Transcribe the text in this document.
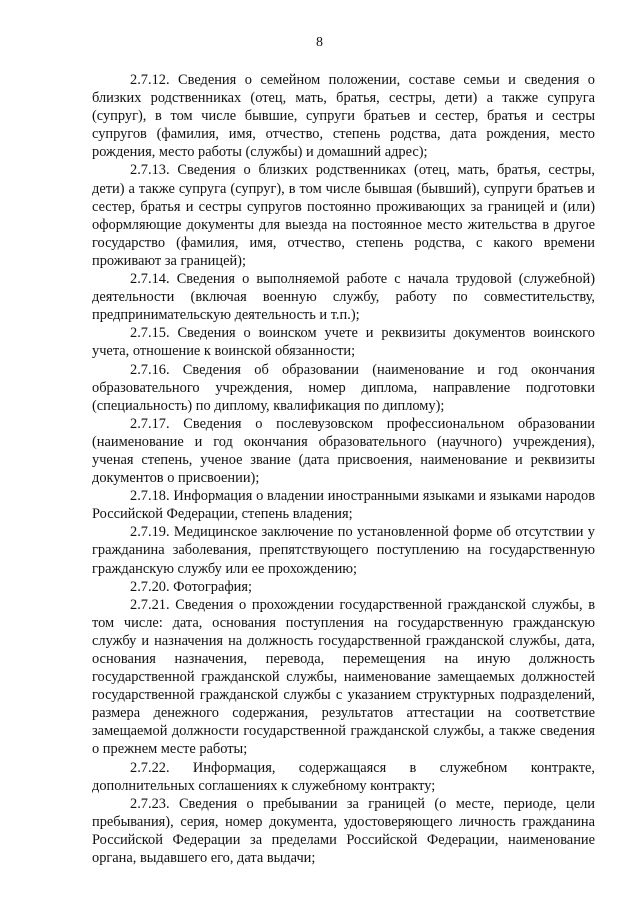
8

2.7.12. Сведения о семейном положении, составе семьи и сведения о близких родственниках (отец, мать, братья, сестры, дети) а также супруга (супруг), в том числе бывшие, супруги братьев и сестер, братья и сестры супругов (фамилия, имя, отчество, степень родства, дата рождения, место рождения, место работы (службы) и домашний адрес);

2.7.13. Сведения о близких родственниках (отец, мать, братья, сестры, дети) а также супруга (супруг), в том числе бывшая (бывший), супруги братьев и сестер, братья и сестры супругов постоянно проживающих за границей и (или) оформляющие документы для выезда на постоянное место жительства в другое государство (фамилия, имя, отчество, степень родства, с какого времени проживают за границей);

2.7.14. Сведения о выполняемой работе с начала трудовой (служебной) деятельности (включая военную службу, работу по совместительству, предпринимательскую деятельность и т.п.);

2.7.15. Сведения о воинском учете и реквизиты документов воинского учета, отношение к воинской обязанности;

2.7.16. Сведения об образовании (наименование и год окончания образовательного учреждения, номер диплома, направление подготовки (специальность) по диплому, квалификация по диплому);

2.7.17. Сведения о послевузовском профессиональном образовании (наименование и год окончания образовательного (научного) учреждения), ученая степень, ученое звание (дата присвоения, наименование и реквизиты документов о присвоении);

2.7.18. Информация о владении иностранными языками и языками народов Российской Федерации, степень владения;

2.7.19. Медицинское заключение по установленной форме об отсутствии у гражданина заболевания, препятствующего поступлению на государственную гражданскую службу или ее прохождению;

2.7.20. Фотография;

2.7.21. Сведения о прохождении государственной гражданской службы, в том числе: дата, основания поступления на государственную гражданскую службу и назначения на должность государственной гражданской службы, дата, основания назначения, перевода, перемещения на иную должность государственной гражданской службы, наименование замещаемых должностей государственной гражданской службы с указанием структурных подразделений, размера денежного содержания, результатов аттестации на соответствие замещаемой должности государственной гражданской службы, а также сведения о прежнем месте работы;

2.7.22. Информация, содержащаяся в служебном контракте, дополнительных соглашениях к служебному контракту;

2.7.23. Сведения о пребывании за границей (о месте, периоде, цели пребывания), серия, номер документа, удостоверяющего личность гражданина Российской Федерации за пределами Российской Федерации, наименование органа, выдавшего его, дата выдачи;
